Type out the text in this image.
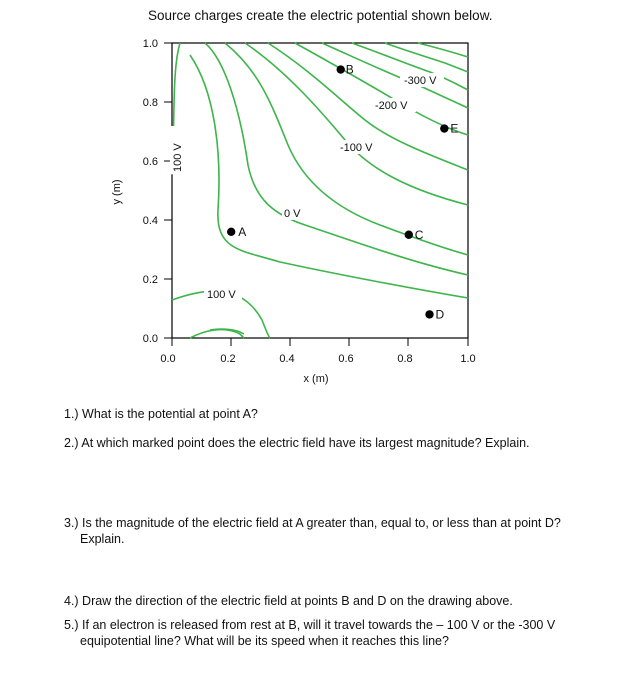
Source charges create the electric potential shown below.
0.0	0.2	0.4	0.6	0.8	1.0
0.0
0.2
0.4
0.6
0.8
1.0
x (m)
y (m)
-300 V
-200 V
-100 V
0 V
100 V
100 V
A
B
C
D
E
1.) What is the potential at point A?
2.) At which marked point does the electric field have its largest magnitude? Explain.
3.) Is the magnitude of the electric field at A greater than, equal to, or less than at point D?
Explain.
4.) Draw the direction of the electric field at points B and D on the drawing above.
5.) If an electron is released from rest at B, will it travel towards the – 100 V or the -300 V
equipotential line? What will be its speed when it reaches this line?
